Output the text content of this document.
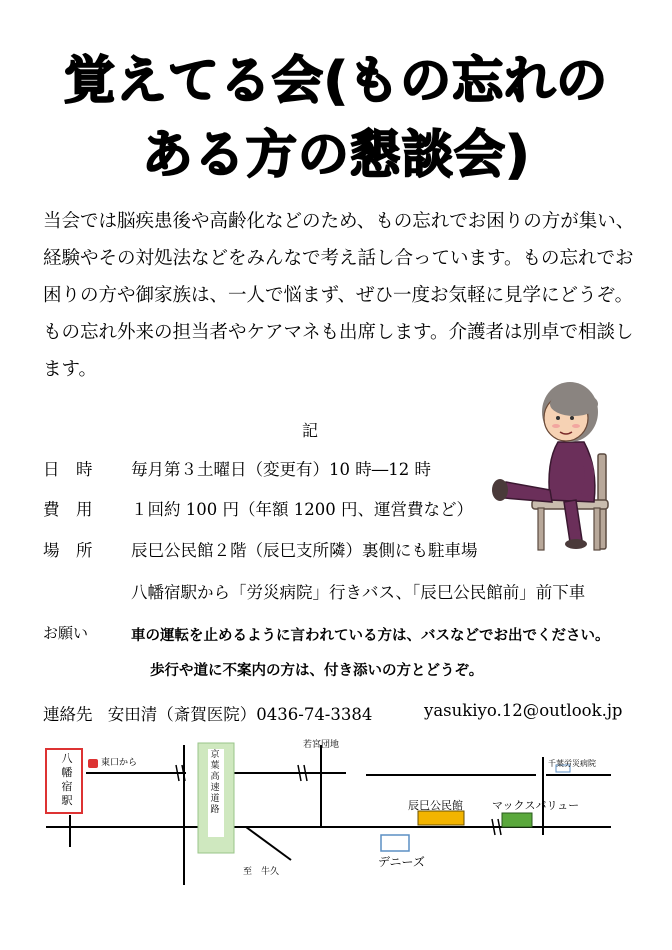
覚えてる会(もの忘れの
ある方の懇談会)

当会では脳疾患後や高齢化などのため、もの忘れでお困りの方が集い、経験やその対処法などをみんなで考え話し合っています。もの忘れでお困りの方や御家族は、一人で悩まず、ぜひ一度お気軽に見学にどうぞ。もの忘れ外来の担当者やケアマネも出席します。介護者は別卓で相談します。

記
日　時 毎月第３土曜日（変更有）10 時―12 時
費　用 １回約 100 円（年額 1200 円、運営費など）
場　所 辰巳公民館２階（辰巳支所隣）裏側にも駐車場
八幡宿駅から「労災病院」行きバス、「辰巳公民館前」前下車
お願い	車の運転を止めるように言われている方は、バスなどでお出でください。
歩行や道に不案内の方は、付き添いの方とどうぞ。
連絡先 安田清（斎賀医院）0436-74-3384	yasukiyo.12@outlook.jp
八幡宿駅
東口から
京葉高速道路
若宮団地
千葉労災病院
辰巳公民館	マックスバリュー
デニーズ
至　牛久
